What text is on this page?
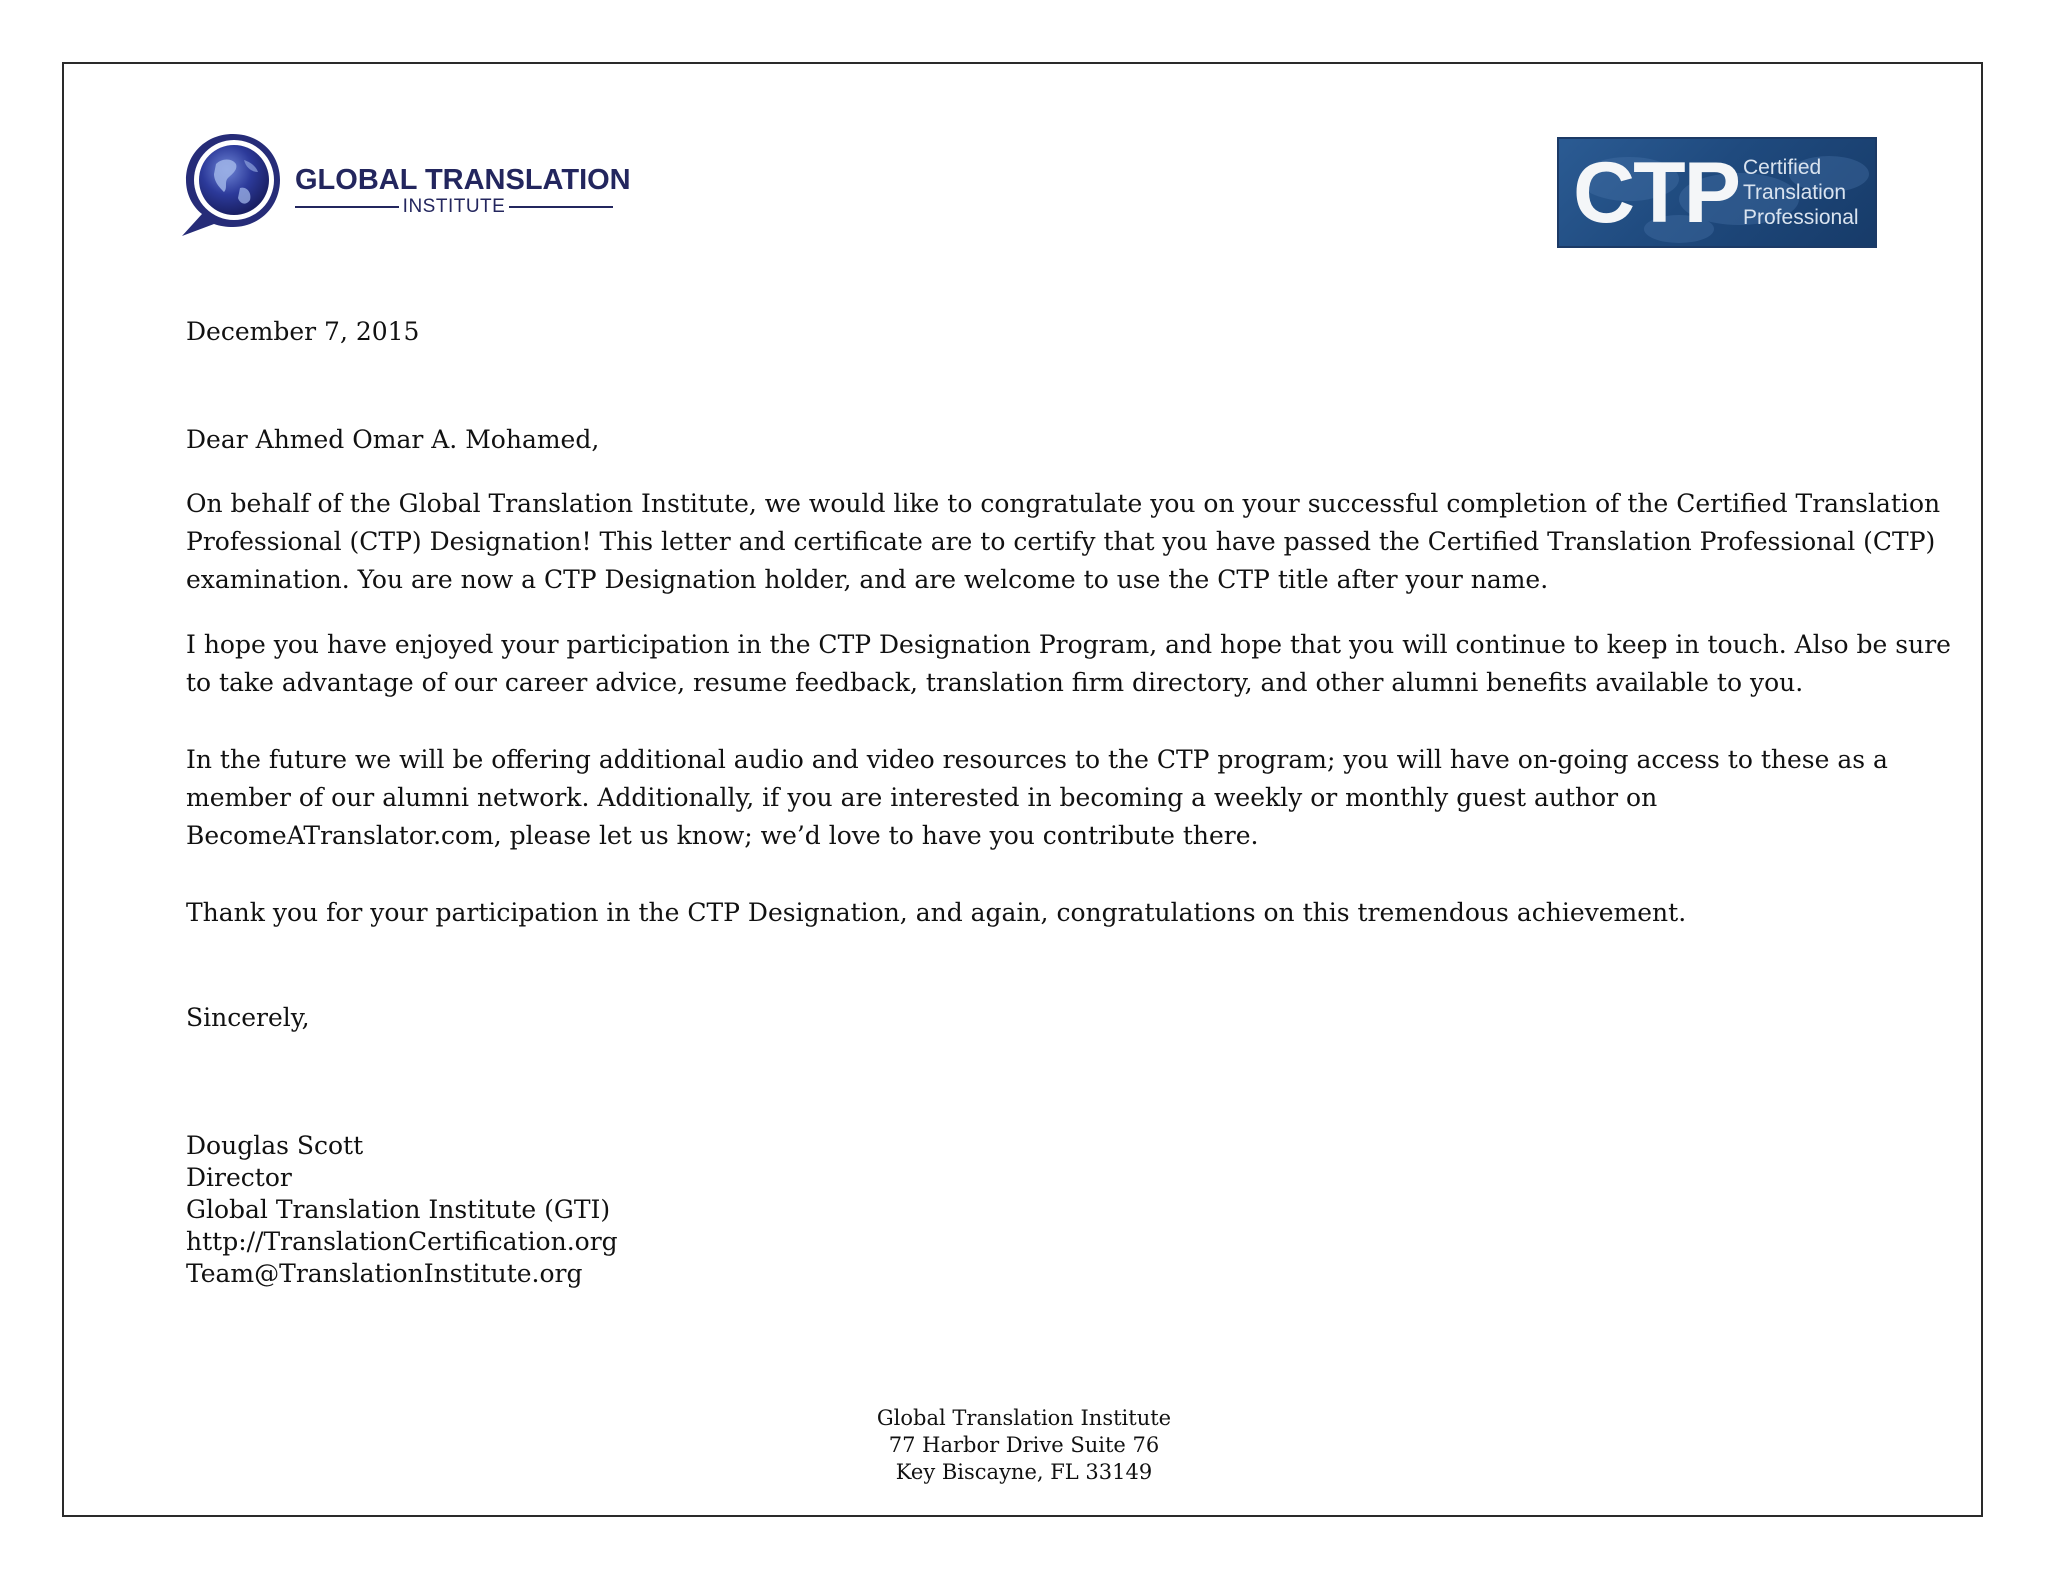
GLOBAL TRANSLATION
INSTITUTE	CTP Certified
Translation
Professional
December 7, 2015
Dear Ahmed Omar A. Mohamed,
On behalf of the Global Translation Institute, we would like to congratulate you on your successful completion of the Certified Translation
Professional (CTP) Designation! This letter and certificate are to certify that you have passed the Certified Translation Professional (CTP)
examination. You are now a CTP Designation holder, and are welcome to use the CTP title after your name.
I hope you have enjoyed your participation in the CTP Designation Program, and hope that you will continue to keep in touch. Also be sure
to take advantage of our career advice, resume feedback, translation firm directory, and other alumni benefits available to you.
In the future we will be offering additional audio and video resources to the CTP program; you will have on-going access to these as a
member of our alumni network. Additionally, if you are interested in becoming a weekly or monthly guest author on
BecomeATranslator.com, please let us know; we’d love to have you contribute there.
Thank you for your participation in the CTP Designation, and again, congratulations on this tremendous achievement.
Sincerely,
Douglas Scott
Director
Global Translation Institute (GTI)
http://TranslationCertification.org
Team@TranslationInstitute.org
Global Translation Institute
77 Harbor Drive Suite 76
Key Biscayne, FL 33149
